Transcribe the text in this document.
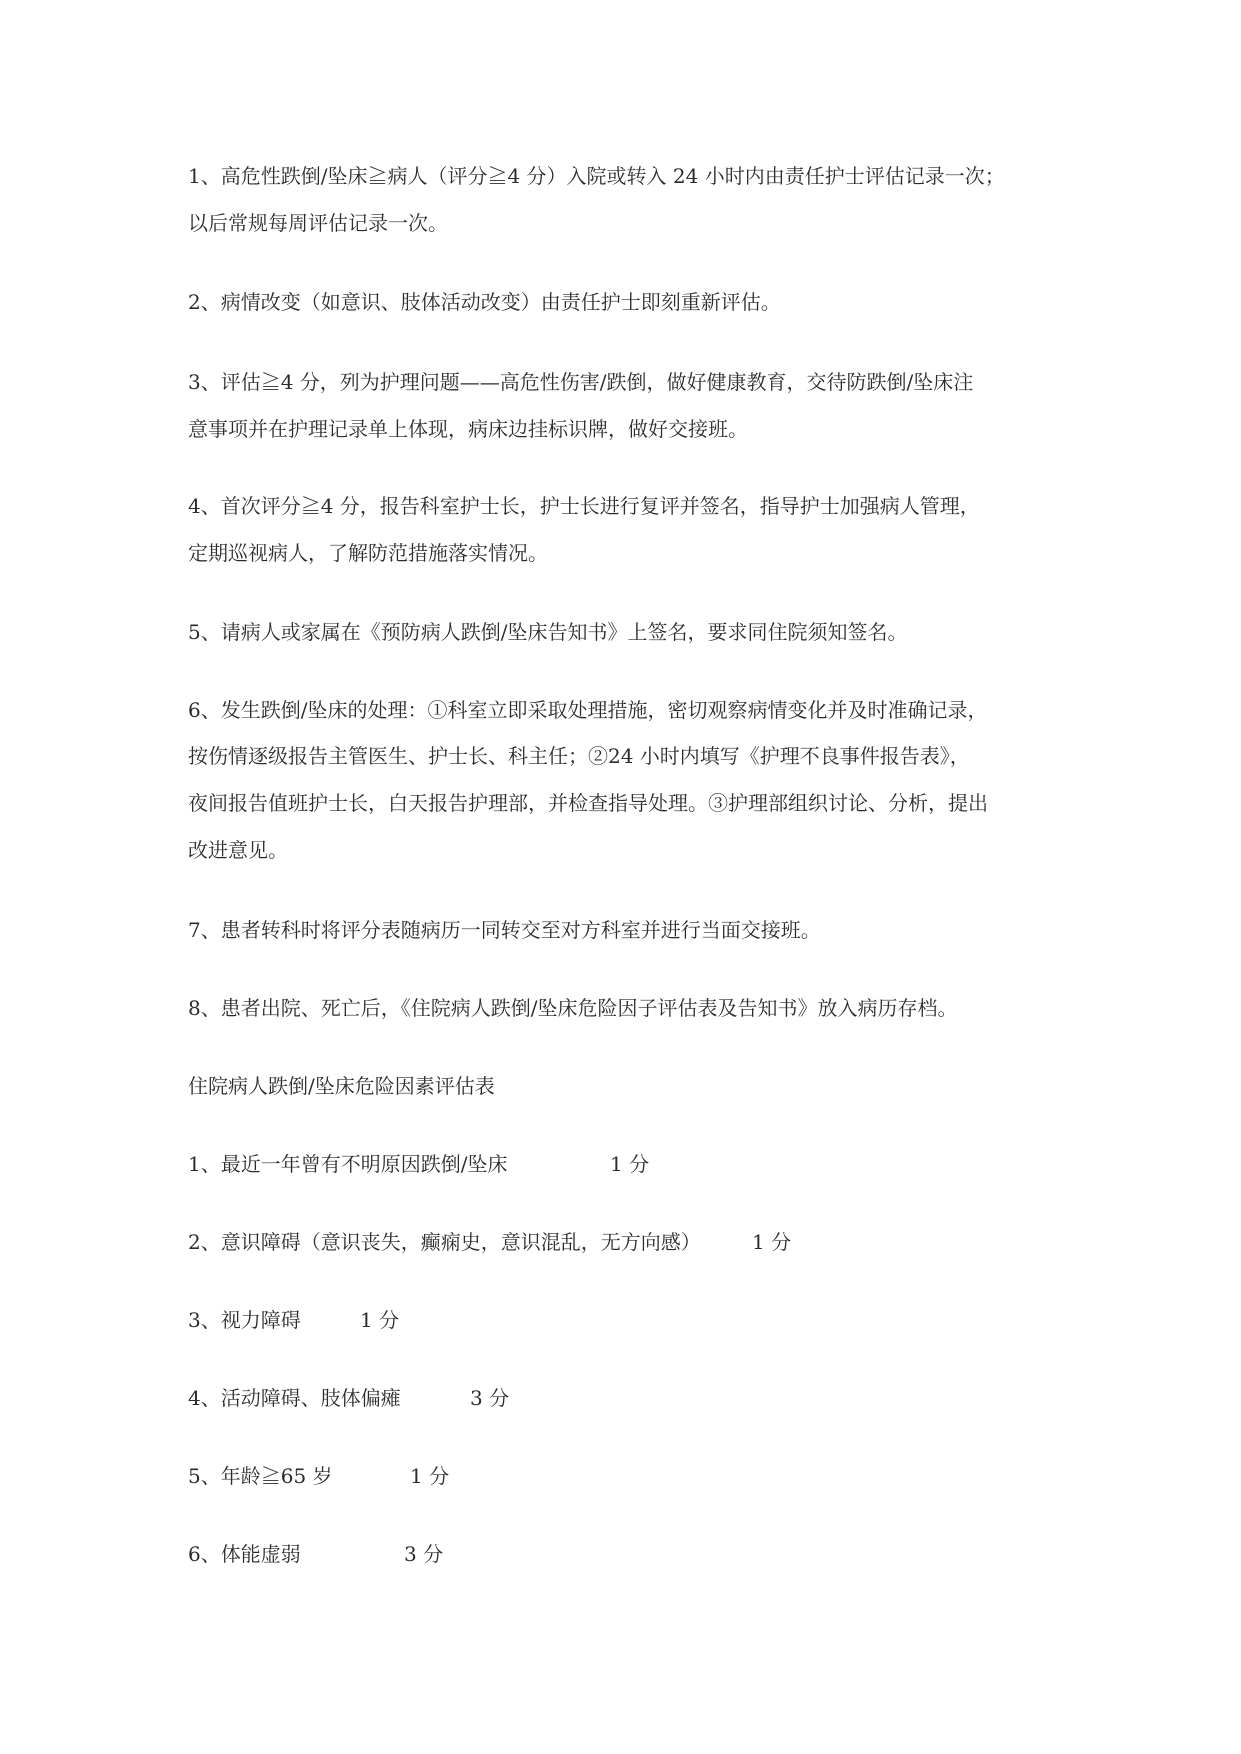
1、高危性跌倒/坠床≧病人（评分≧4 分）入院或转入 24 小时内由责任护士评估记录一次；

以后常规每周评估记录一次。

2、病情改变（如意识、肢体活动改变）由责任护士即刻重新评估。

3、评估≧4 分，列为护理问题——高危性伤害/跌倒，做好健康教育，交待防跌倒/坠床注

意事项并在护理记录单上体现，病床边挂标识牌，做好交接班。

4、首次评分≧4 分，报告科室护士长，护士长进行复评并签名，指导护士加强病人管理，

定期巡视病人，了解防范措施落实情况。

5、请病人或家属在《预防病人跌倒/坠床告知书》上签名，要求同住院须知签名。

6、发生跌倒/坠床的处理：①科室立即采取处理措施，密切观察病情变化并及时准确记录，

按伤情逐级报告主管医生、护士长、科主任；②24 小时内填写《护理不良事件报告表》，

夜间报告值班护士长，白天报告护理部，并检查指导处理。③护理部组织讨论、分析，提出

改进意见。

7、患者转科时将评分表随病历一同转交至对方科室并进行当面交接班。

8、患者出院、死亡后，《住院病人跌倒/坠床危险因子评估表及告知书》放入病历存档。

住院病人跌倒/坠床危险因素评估表

1、最近一年曾有不明原因跌倒/坠床	1 分
2、意识障碍（意识丧失，癫痫史，意识混乱，无方向感）	1 分
3、视力障碍	1 分
4、活动障碍、肢体偏瘫	3 分
5、年龄≧65 岁	1 分
6、体能虚弱	3 分
